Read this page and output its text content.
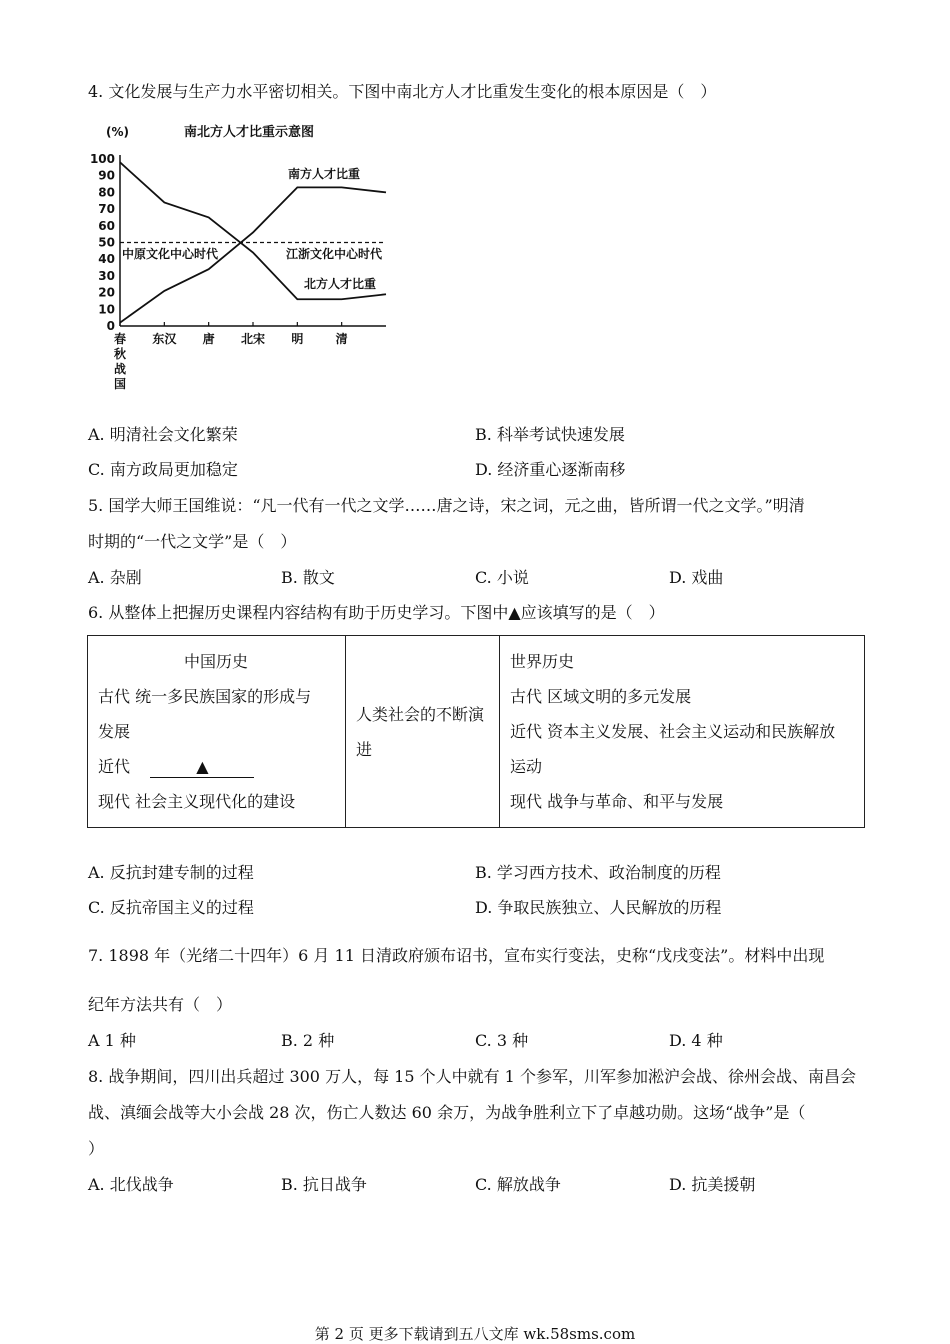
4. 文化发展与生产力水平密切相关。下图中南北方人才比重发生变化的根本原因是（　）
南北方人才比重示意图
(%)
0
10
20
30
40
50
60
70
80
90
100
春
秋
战
国
东汉 唐 北宋 明	清
南方人才比重
北方人才比重
中原文化中心时代	江浙文化中心时代
A. 明清社会文化繁荣	B. 科举考试快速发展
C. 南方政局更加稳定	D. 经济重心逐渐南移
5. 国学大师王国维说：“凡一代有一代之文学……唐之诗，宋之词，元之曲，皆所谓一代之文学。”明清
时期的“一代之文学”是（　）
A. 杂剧	B. 散文	C. 小说	D. 戏曲
6. 从整体上把握历史课程内容结构有助于历史学习。下图中▲应该填写的是（　）
中国历史
古代 统一多民族国家的形成与
发展
近代	▲
现代 社会主义现代化的建设

人类社会的不断演进

世界历史
古代 区域文明的多元发展
近代 资本主义发展、社会主义运动和民族解放
运动
现代 战争与革命、和平与发展
A. 反抗封建专制的过程	B. 学习西方技术、政治制度的历程
C. 反抗帝国主义的过程	D. 争取民族独立、人民解放的历程
7. 1898 年（光绪二十四年）6 月 11 日清政府颁布诏书，宣布实行变法，史称“戊戌变法”。材料中出现
纪年方法共有（　）
A 1 种	B. 2 种	C. 3 种	D. 4 种
8. 战争期间，四川出兵超过 300 万人，每 15 个人中就有 1 个参军，川军参加淞沪会战、徐州会战、南昌会
战、滇缅会战等大小会战 28 次，伤亡人数达 60 余万，为战争胜利立下了卓越功勋。这场“战争”是（
）
A. 北伐战争	B. 抗日战争	C. 解放战争	D. 抗美援朝
第 2 页 更多下载请到五八文库 wk.58sms.com
